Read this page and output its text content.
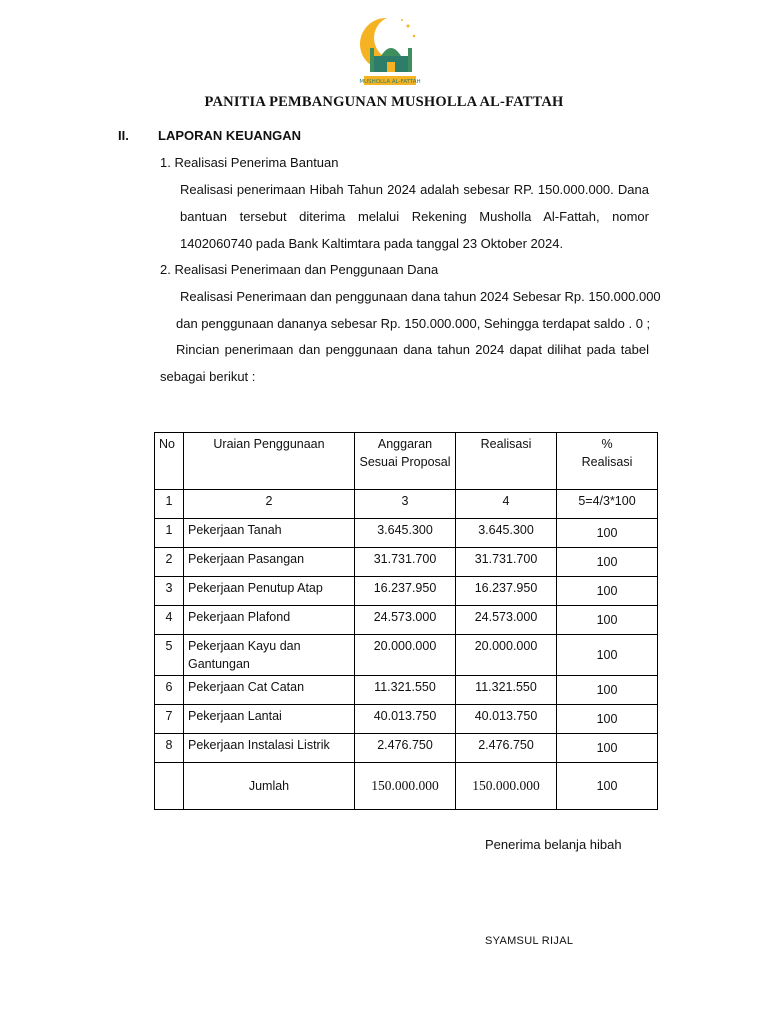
MUSHOLLA AL-FATTAH
PANITIA PEMBANGUNAN MUSHOLLA AL-FATTAH
II. LAPORAN KEUANGAN
1. Realisasi Penerima Bantuan
Realisasi penerimaan Hibah Tahun 2024 adalah sebesar RP. 150.000.000. Dana
bantuan tersebut diterima melalui Rekening Musholla Al-Fattah, nomor
1402060740 pada Bank Kaltimtara pada tanggal 23 Oktober 2024.
2. Realisasi Penerimaan dan Penggunaan Dana
Realisasi Penerimaan dan penggunaan dana tahun 2024 Sebesar Rp. 150.000.000
dan penggunaan dananya sebesar Rp. 150.000.000, Sehingga terdapat saldo . 0 ;
Rincian penerimaan dan penggunaan dana tahun 2024 dapat dilihat pada tabel
sebagai berikut :
No	Uraian Penggunaan	Anggaran Sesuai Proposal	Realisasi	%
Realisasi
1	2	3	4	5=4/3*100
1	Pekerjaan Tanah	3.645.300	3.645.300	100
2	Pekerjaan Pasangan	31.731.700	31.731.700	100
3	Pekerjaan Penutup Atap	16.237.950	16.237.950	100
4	Pekerjaan Plafond	24.573.000	24.573.000	100
5	Pekerjaan Kayu dan Gantungan	20.000.000	20.000.000	100
6	Pekerjaan Cat Catan	11.321.550	11.321.550	100
7	Pekerjaan Lantai	40.013.750	40.013.750	100
8	Pekerjaan Instalasi Listrik	2.476.750	2.476.750	100
	Jumlah	150.000.000	150.000.000	100
Penerima belanja hibah
SYAMSUL RIJAL
